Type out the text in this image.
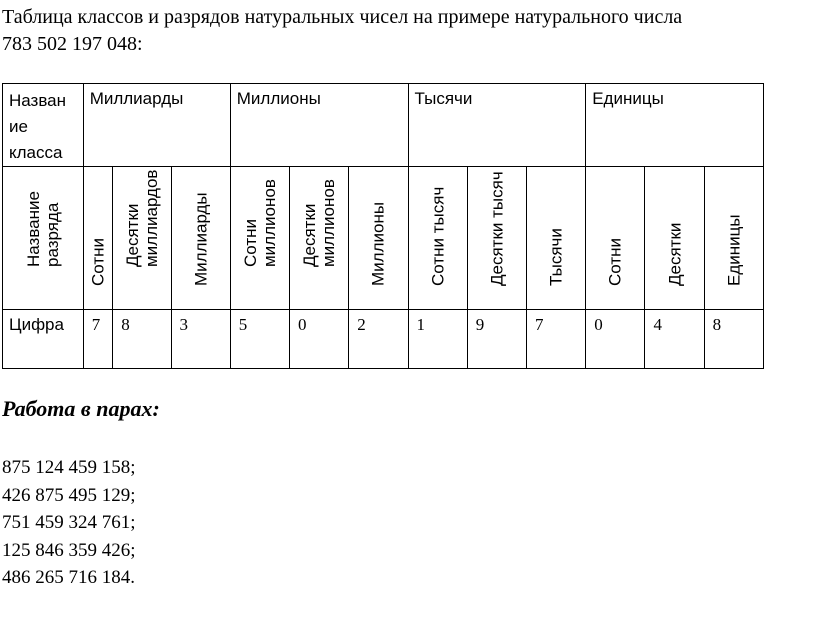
Таблица классов и разрядов натуральных чисел на примере натурального числа
783 502 197 048:
Назван
ие
класса	Миллиарды			Миллионы			Тысячи			Единицы		

Название разряда	Сотни	Десятки миллиардов	Миллиарды	Сотни миллионов	Десятки миллионов	Миллионы	Сотни тысяч	Десятки тысяч	Тысячи	Сотни	Десятки	Единицы

Цифра	7	8	3	5	0	2	1	9	7	0	4	8
Работа в парах:
875 124 459 158;
426 875 495 129;
751 459 324 761;
125 846 359 426;
486 265 716 184.
